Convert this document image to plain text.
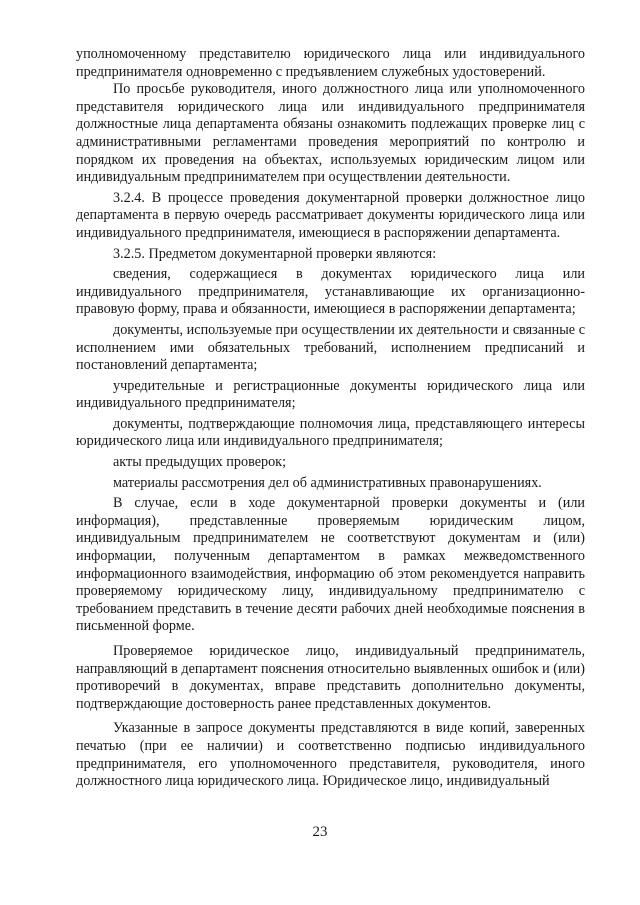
уполномоченному представителю юридического лица или индивидуального предпринимателя одновременно с предъявлением служебных удостоверений.

По просьбе руководителя, иного должностного лица или уполномоченного представителя юридического лица или индивидуального предпринимателя должностные лица департамента обязаны ознакомить подлежащих проверке лиц с административными регламентами проведения мероприятий по контролю и порядком их проведения на объектах, используемых юридическим лицом или индивидуальным предпринимателем при осуществлении деятельности.

3.2.4. В процессе проведения документарной проверки должностное лицо департамента в первую очередь рассматривает документы юридического лица или индивидуального предпринимателя, имеющиеся в распоряжении департамента.

3.2.5. Предметом документарной проверки являются:

сведения, содержащиеся в документах юридического лица или индивидуального предпринимателя, устанавливающие их организационно-правовую форму, права и обязанности, имеющиеся в распоряжении департамента;

документы, используемые при осуществлении их деятельности и связанные с исполнением ими обязательных требований, исполнением предписаний и постановлений департамента;

учредительные и регистрационные документы юридического лица или индивидуального предпринимателя;

документы, подтверждающие полномочия лица, представляющего интересы юридического лица или индивидуального предпринимателя;

акты предыдущих проверок;

материалы рассмотрения дел об административных правонарушениях.

В случае, если в ходе документарной проверки документы и (или информация), представленные проверяемым юридическим лицом, индивидуальным предпринимателем не соответствуют документам и (или) информации, полученным департаментом в рамках межведомственного информационного взаимодействия, информацию об этом рекомендуется направить проверяемому юридическому лицу, индивидуальному предпринимателю с требованием представить в течение десяти рабочих дней необходимые пояснения в письменной форме.

Проверяемое юридическое лицо, индивидуальный предприниматель, направляющий в департамент пояснения относительно выявленных ошибок и (или) противоречий в документах, вправе представить дополнительно документы, подтверждающие достоверность ранее представленных документов.

Указанные в запросе документы представляются в виде копий, заверенных печатью (при ее наличии) и соответственно подписью индивидуального предпринимателя, его уполномоченного представителя, руководителя, иного должностного лица юридического лица. Юридическое лицо, индивидуальный

23
